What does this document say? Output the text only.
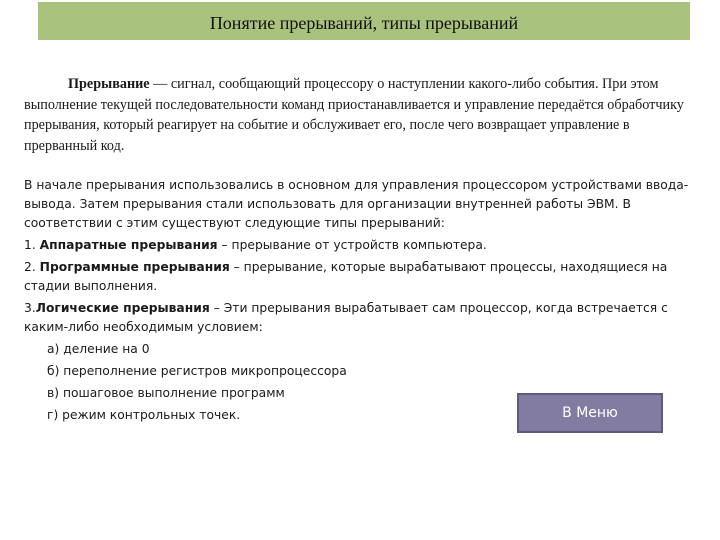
Понятие прерываний, типы прерываний

Прерывание — сигнал, сообщающий процессору о наступлении какого-либо события. При этом выполнение текущей последовательности команд приостанавливается и управление передаётся обработчику прерывания, который реагирует на событие и обслуживает его, после чего возвращает управление в прерванный код.

В начале прерывания использовались в основном для управления процессором устройствами ввода-вывода. Затем прерывания стали использовать для организации внутренней работы ЭВМ. В соответствии с этим существуют следующие типы прерываний:

1. Аппаратные прерывания – прерывание от устройств компьютера.

2. Программные прерывания – прерывание, которые вырабатывают процессы, находящиеся на стадии выполнения.

3.Логические прерывания – Эти прерывания вырабатывает сам процессор, когда встречается с каким-либо необходимым условием:

а) деление на 0

б) переполнение регистров микропроцессора

в) пошаговое выполнение программ

г) режим контрольных точек.	В Меню
